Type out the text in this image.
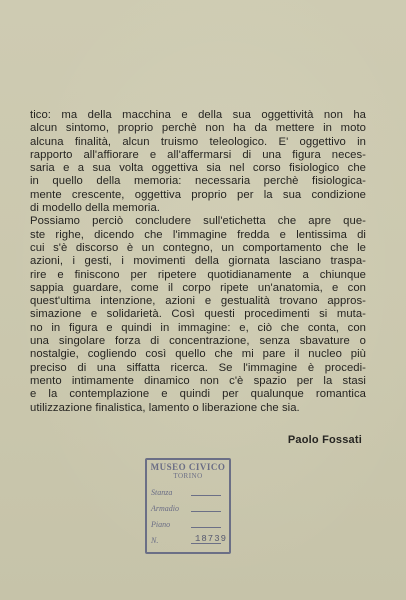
tico: ma della macchina e della sua oggettività non ha
alcun sintomo, proprio perchè non ha da mettere in moto
alcuna finalità, alcun truismo teleologico. E' oggettivo in
rapporto all'affiorare e all'affermarsi di una figura neces-
saria e a sua volta oggettiva sia nel corso fisiologico che
in quello della memoria: necessaria perchè fisiologica-
mente crescente, oggettiva proprio per la sua condizione
di modello della memoria.
Possiamo perciò concludere sull'etichetta che apre que-
ste righe, dicendo che l'immagine fredda e lentissima di
cui s'è discorso è un contegno, un comportamento che le
azioni, i gesti, i movimenti della giornata lasciano traspa-
rire e finiscono per ripetere quotidianamente a chiunque
sappia guardare, come il corpo ripete un'anatomia, e con
quest'ultima intenzione, azioni e gestualità trovano appros-
simazione e solidarietà. Così questi procedimenti si muta-
no in figura e quindi in immagine: e, ciò che conta, con
una singolare forza di concentrazione, senza sbavature o
nostalgie, cogliendo così quello che mi pare il nucleo più
preciso di una siffatta ricerca. Se l'immagine è procedi-
mento intimamente dinamico non c'è spazio per la stasi
e la contemplazione e quindi per qualunque romantica
utilizzazione finalistica, lamento o liberazione che sia.
Paolo Fossati
MUSEO CIVICO
TORINO
Stanza
Armadio
Piano
N.	18739
